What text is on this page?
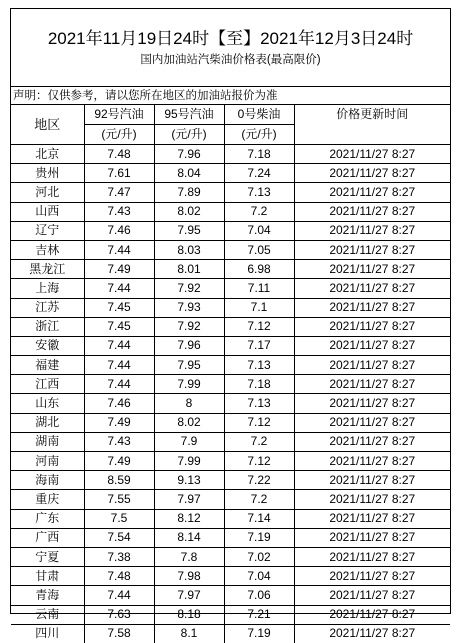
2021年11月19日24时【至】2021年12月3日24时
国内加油站汽柴油价格表(最高限价)
声明：仅供参考，请以您所在地区的加油站报价为准
地区	92号汽油	95号汽油	0号柴油	价格更新时间
	(元/升)	(元/升)	(元/升)	
北京	7.48	7.96	7.18	2021/11/27 8:27
贵州	7.61	8.04	7.24	2021/11/27 8:27
河北	7.47	7.89	7.13	2021/11/27 8:27
山西	7.43	8.02	7.2	2021/11/27 8:27
辽宁	7.46	7.95	7.04	2021/11/27 8:27
吉林	7.44	8.03	7.05	2021/11/27 8:27
黑龙江	7.49	8.01	6.98	2021/11/27 8:27
上海	7.44	7.92	7.11	2021/11/27 8:27
江苏	7.45	7.93	7.1	2021/11/27 8:27
浙江	7.45	7.92	7.12	2021/11/27 8:27
安徽	7.44	7.96	7.17	2021/11/27 8:27
福建	7.44	7.95	7.13	2021/11/27 8:27
江西	7.44	7.99	7.18	2021/11/27 8:27
山东	7.46	8	7.13	2021/11/27 8:27
湖北	7.49	8.02	7.12	2021/11/27 8:27
湖南	7.43	7.9	7.2	2021/11/27 8:27
河南	7.49	7.99	7.12	2021/11/27 8:27
海南	8.59	9.13	7.22	2021/11/27 8:27
重庆	7.55	7.97	7.2	2021/11/27 8:27
广东	7.5	8.12	7.14	2021/11/27 8:27
广西	7.54	8.14	7.19	2021/11/27 8:27
宁夏	7.38	7.8	7.02	2021/11/27 8:27
甘肃	7.48	7.98	7.04	2021/11/27 8:27
青海	7.44	7.97	7.06	2021/11/27 8:27
云南	7.63	8.18	7.21	2021/11/27 8:27
四川	7.58	8.1	7.19	2021/11/27 8:27
